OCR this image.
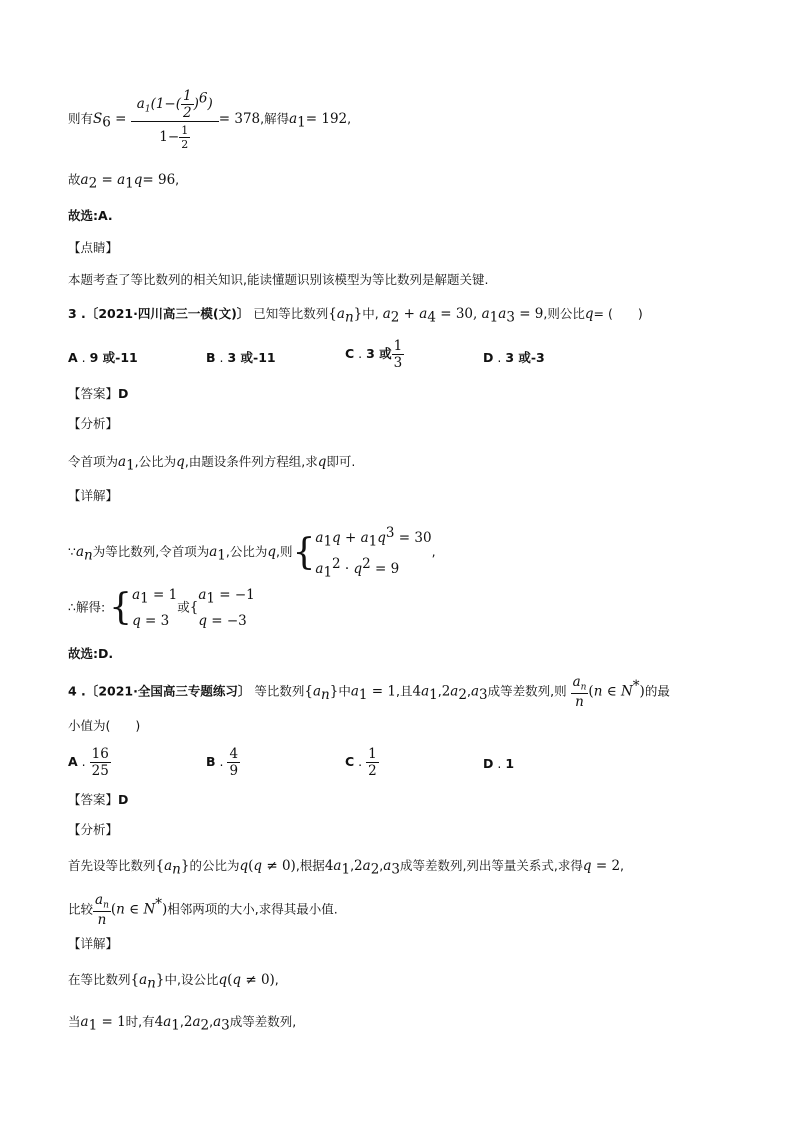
则有$S_6 = \frac{a_1(1-( \frac{1}{2} )^6)}{1- \frac{1}{2}} = 378$,解得$a_1= 192$,
故$a_2 = a_1q= 96$,
故选:A.
【点睛】
本题考查了等比数列的相关知识,能读懂题识别该模型为等比数列是解题关键.
3 .〔2021·四川高三一模(文)〕 已知等比数列$\{a_n\}$中, $a_2 + a_4 = 30$, $a_1a_3 = 9$,则公比q= (　　)
A . 9 或-11	B . 3 或-11	C . 3 或 $\frac{1}{3}$	D . 3 或-3
【答案】D
【分析】
令首项为$a_1$,公比为q,由题设条件列方程组,求q即可.
【详解】
$\because a_n$为等比数列,令首项为$a_1$,公比为q,则{ $a_1q + a_1q^3 = 30$
$a_1^2 \cdot q^2 = 9$
,
∴解得: { $a_1 = 1$
q = 3
或{
$a_1 = -1$
q = −3
故选:D.
4 .〔2021·全国高三专题练习〕 等比数列$\{a_n\}$中$a_1 = 1$,且$4a_1,2a_2,a_3$成等差数列,则 $\frac{a_n}{n} (n$ ∈ N*)的最
小值为(　　)
A . $\frac{16}{25}$	B . $\frac{4}{9}$	C . $\frac{1}{2}$	D . 1
【答案】D
【分析】
首先设等比数列$\{a_n\}$的公比为q(q ≠ 0),根据$4a_1,2a_2,a_3$成等差数列,列出等量关系式,求得q = 2,
比较 $\frac{a_n}{n} (n$ ∈ N*)相邻两项的大小,求得其最小值.
【详解】
在等比数列$\{a_n\}$中,设公比q(q ≠ 0),
当$a_1 = 1$时,有$4a_1,2a_2,a_3$成等差数列,
